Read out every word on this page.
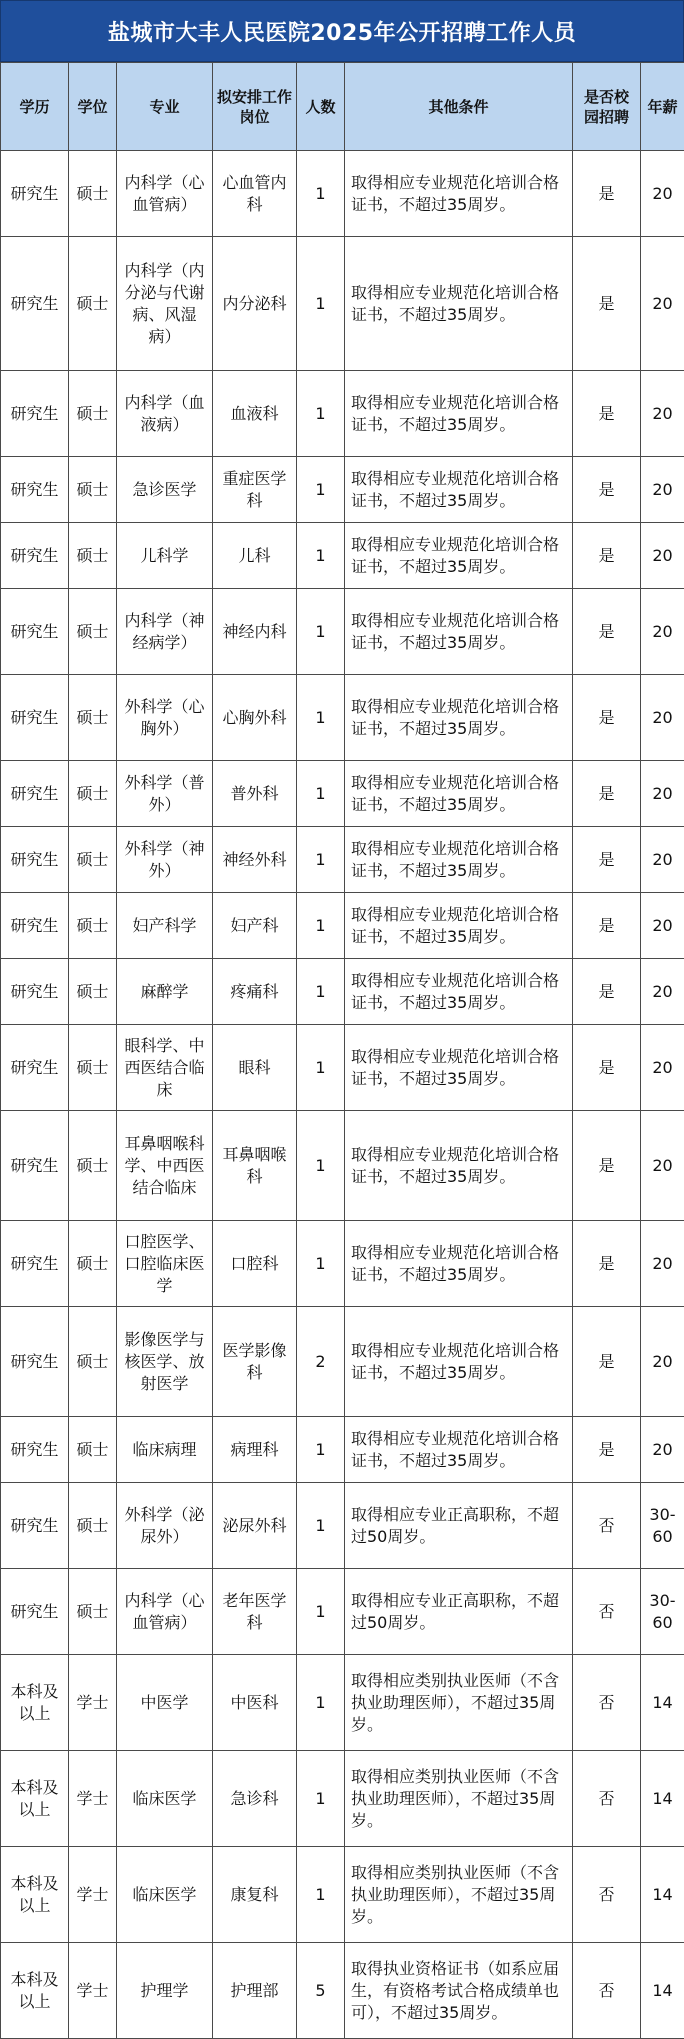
盐城市大丰人民医院2025年公开招聘工作人员
学历	学位	专业	拟安排工作岗位	人数	其他条件	是否校园招聘	年薪
研究生	硕士	内科学（心血管病）	心血管内科	1	取得相应专业规范化培训合格证书，不超过35周岁。	是	20
研究生	硕士	内科学（内分泌与代谢病、风湿病）	内分泌科	1	取得相应专业规范化培训合格证书，不超过35周岁。	是	20
研究生	硕士	内科学（血液病）	血液科	1	取得相应专业规范化培训合格证书，不超过35周岁。	是	20
研究生	硕士	急诊医学	重症医学科	1	取得相应专业规范化培训合格证书，不超过35周岁。	是	20
研究生	硕士	儿科学	儿科	1	取得相应专业规范化培训合格证书，不超过35周岁。	是	20
研究生	硕士	内科学（神经病学）	神经内科	1	取得相应专业规范化培训合格证书，不超过35周岁。	是	20
研究生	硕士	外科学（心胸外）	心胸外科	1	取得相应专业规范化培训合格证书，不超过35周岁。	是	20
研究生	硕士	外科学（普外）	普外科	1	取得相应专业规范化培训合格证书，不超过35周岁。	是	20
研究生	硕士	外科学（神外）	神经外科	1	取得相应专业规范化培训合格证书，不超过35周岁。	是	20
研究生	硕士	妇产科学	妇产科	1	取得相应专业规范化培训合格证书，不超过35周岁。	是	20
研究生	硕士	麻醉学	疼痛科	1	取得相应专业规范化培训合格证书，不超过35周岁。	是	20
研究生	硕士	眼科学、中西医结合临床	眼科	1	取得相应专业规范化培训合格证书，不超过35周岁。	是	20
研究生	硕士	耳鼻咽喉科学、中西医结合临床	耳鼻咽喉科	1	取得相应专业规范化培训合格证书，不超过35周岁。	是	20
研究生	硕士	口腔医学、口腔临床医学	口腔科	1	取得相应专业规范化培训合格证书，不超过35周岁。	是	20
研究生	硕士	影像医学与核医学、放射医学	医学影像科	2	取得相应专业规范化培训合格证书，不超过35周岁。	是	20
研究生	硕士	临床病理	病理科	1	取得相应专业规范化培训合格证书，不超过35周岁。	是	20
研究生	硕士	外科学（泌尿外）	泌尿外科	1	取得相应专业正高职称，不超过50周岁。	否	30-60
研究生	硕士	内科学（心血管病）	老年医学科	1	取得相应专业正高职称，不超过50周岁。	否	30-60
本科及以上	学士	中医学	中医科	1	取得相应类别执业医师（不含执业助理医师），不超过35周岁。	否	14
本科及以上	学士	临床医学	急诊科	1	取得相应类别执业医师（不含执业助理医师），不超过35周岁。	否	14
本科及以上	学士	临床医学	康复科	1	取得相应类别执业医师（不含执业助理医师），不超过35周岁。	否	14
本科及以上	学士	护理学	护理部	5	取得执业资格证书（如系应届生，有资格考试合格成绩单也可），不超过35周岁。	否	14
